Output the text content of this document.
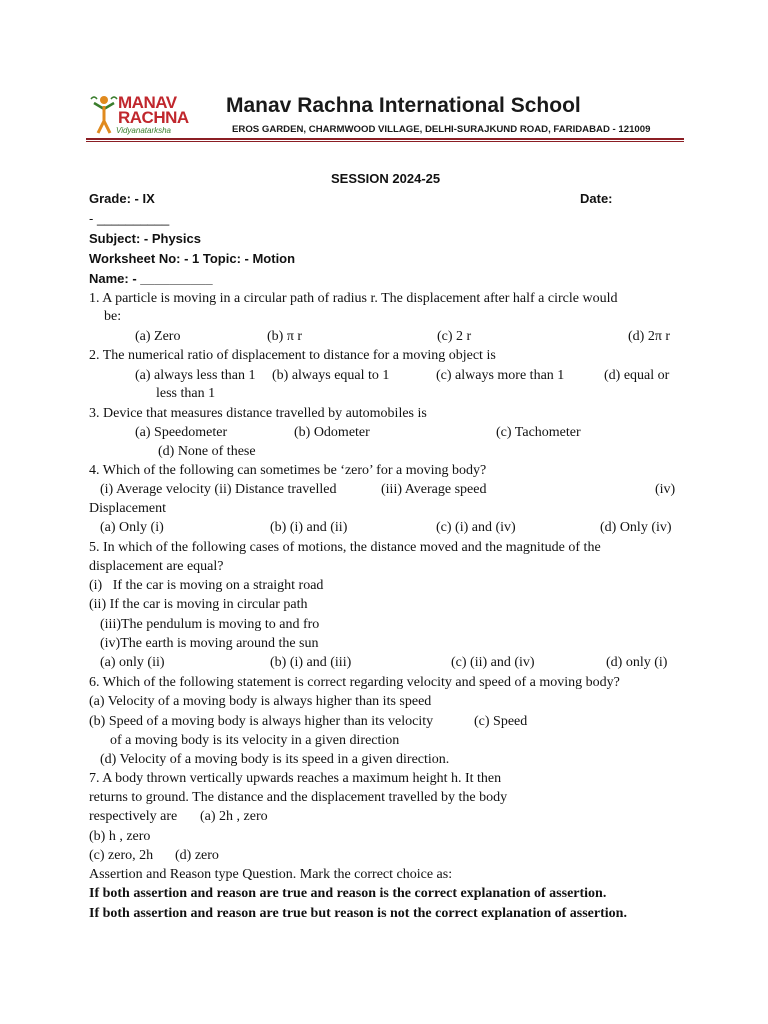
MANAV
RACHNA
Vidyanatarksha
Manav Rachna International School
EROS GARDEN, CHARMWOOD VILLAGE, DELHI-SURAJKUND ROAD, FARIDABAD - 121009
SESSION 2024-25
Grade: - IX	Date:
- __________
Subject: - Physics
Worksheet No: - 1 Topic: - Motion
Name: - __________
1. A particle is moving in a circular path of radius r. The displacement after half a circle would
be:
(a) Zero	(b) π r	(c) 2 r	(d) 2π r
2. The numerical ratio of displacement to distance for a moving object is
(a) always less than 1 (b) always equal to 1	(c) always more than 1	(d) equal or
less than 1
3. Device that measures distance travelled by automobiles is
(a) Speedometer	(b) Odometer	(c) Tachometer
(d) None of these
4. Which of the following can sometimes be ‘zero’ for a moving body?
(i) Average velocity (ii) Distance travelled	(iii) Average speed	(iv)
Displacement
(a) Only (i)	(b) (i) and (ii)	(c) (i) and (iv)	(d) Only (iv)
5. In which of the following cases of motions, the distance moved and the magnitude of the
displacement are equal?
(i)   If the car is moving on a straight road
(ii) If the car is moving in circular path
(iii)The pendulum is moving to and fro
(iv)The earth is moving around the sun
(a) only (ii)	(b) (i) and (iii)	(c) (ii) and (iv)	(d) only (i)
6. Which of the following statement is correct regarding velocity and speed of a moving body?
(a) Velocity of a moving body is always higher than its speed
(b) Speed of a moving body is always higher than its velocity	(c) Speed
of a moving body is its velocity in a given direction
(d) Velocity of a moving body is its speed in a given direction.
7. A body thrown vertically upwards reaches a maximum height h. It then
returns to ground. The distance and the displacement travelled by the body
respectively are (a) 2h , zero
(b) h , zero
(c) zero, 2h (d) zero
Assertion and Reason type Question. Mark the correct choice as:
If both assertion and reason are true and reason is the correct explanation of assertion.
If both assertion and reason are true but reason is not the correct explanation of assertion.
